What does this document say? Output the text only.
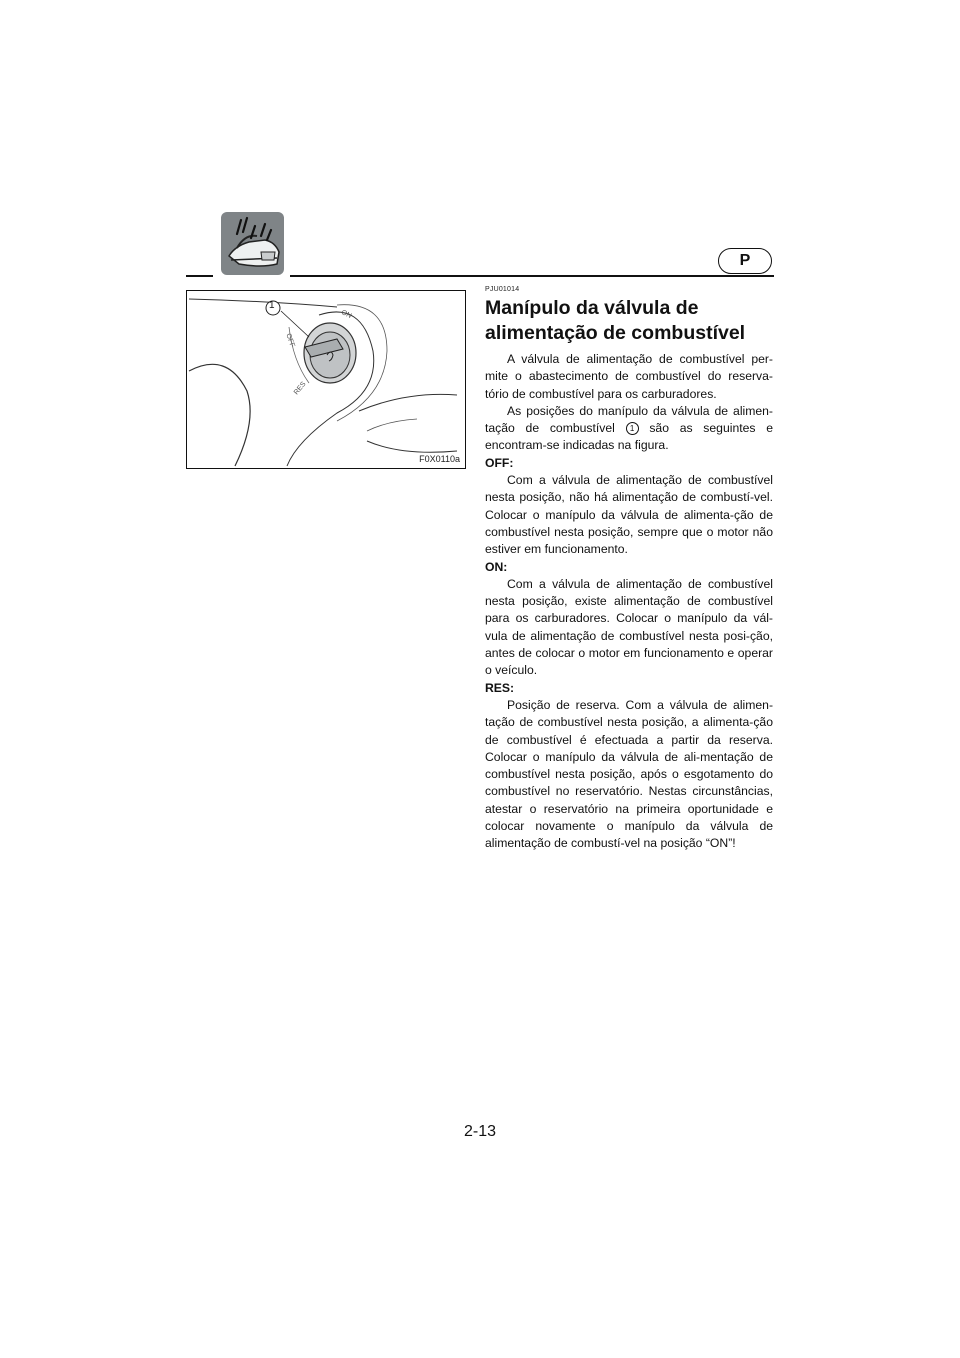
P
1
ON
OFF
RES
F0X0110a

PJU01014

Manípulo da válvula de
alimentação de combustível

A válvula de alimentação de combustível per-mite o abastecimento de combustível do reserva-tório de combustível para os carburadores.

As posições do manípulo da válvula de alimen-tação de combustível 1 são as seguintes e encontram-se indicadas na figura.

OFF:

Com a válvula de alimentação de combustível nesta posição, não há alimentação de combustí-vel. Colocar o manípulo da válvula de alimenta-ção de combustível nesta posição, sempre que o motor não estiver em funcionamento.

ON:

Com a válvula de alimentação de combustível nesta posição, existe alimentação de combustível para os carburadores. Colocar o manípulo da vál-vula de alimentação de combustível nesta posi-ção, antes de colocar o motor em funcionamento e operar o veículo.

RES:

Posição de reserva. Com a válvula de alimen-tação de combustível nesta posição, a alimenta-ção de combustível é efectuada a partir da reserva. Colocar o manípulo da válvula de ali-mentação de combustível nesta posição, após o esgotamento do combustível no reservatório. Nestas circunstâncias, atestar o reservatório na primeira oportunidade e colocar novamente o manípulo da válvula de alimentação de combustí-vel na posição “ON”!

2-13
